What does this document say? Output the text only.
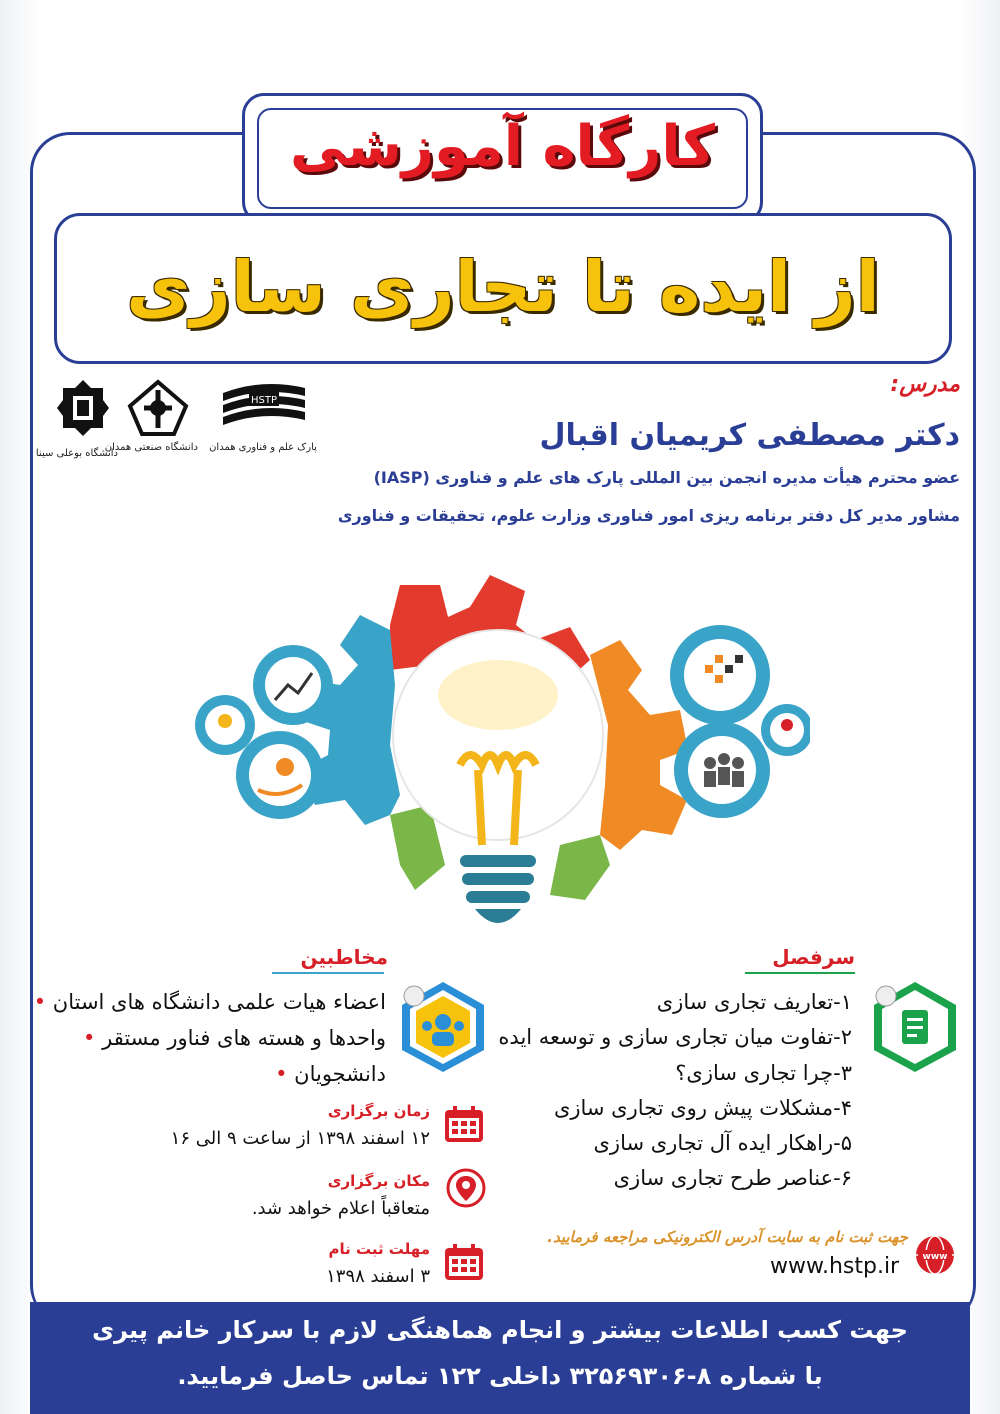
کارگاه آموزشی
از ایده تا تجاری سازی
HSTP
پارک علم و فناوری همدان
دانشگاه صنعتی همدان
دانشگاه بوعلی سینا
مدرس:
دکتر مصطفی کریمیان اقبال
عضو محترم هیأت مدیره انجمن بین المللی پارک های علم و فناوری (IASP)
مشاور مدیر کل دفتر برنامه ریزی امور فناوری وزارت علوم، تحقیقات و فناوری
سرفصل
۱-تعاریف تجاری سازی
۲-تفاوت میان تجاری سازی و توسعه ایده
۳-چرا تجاری سازی؟
۴-مشکلات پیش روی تجاری سازی
۵-راهکار ایده آل تجاری سازی
۶-عناصر طرح تجاری سازی
مخاطبین
اعضاء هیات علمی دانشگاه های استان •
واحدها و هسته های فناور مستقر •
دانشجویان •
زمان برگزاری
۱۲ اسفند ۱۳۹۸ از ساعت ۹ الی ۱۶
مکان برگزاری
متعاقباً اعلام خواهد شد.
مهلت ثبت نام
۳ اسفند ۱۳۹۸
جهت ثبت نام به سایت آدرس الکترونیکی مراجعه فرمایید.
www
www.hstp.ir
جهت کسب اطلاعات بیشتر و انجام هماهنگی لازم با سرکار خانم پیری
با شماره ۸-۳۲۵۶۹۳۰۶ داخلی ۱۲۲ تماس حاصل فرمایید.
